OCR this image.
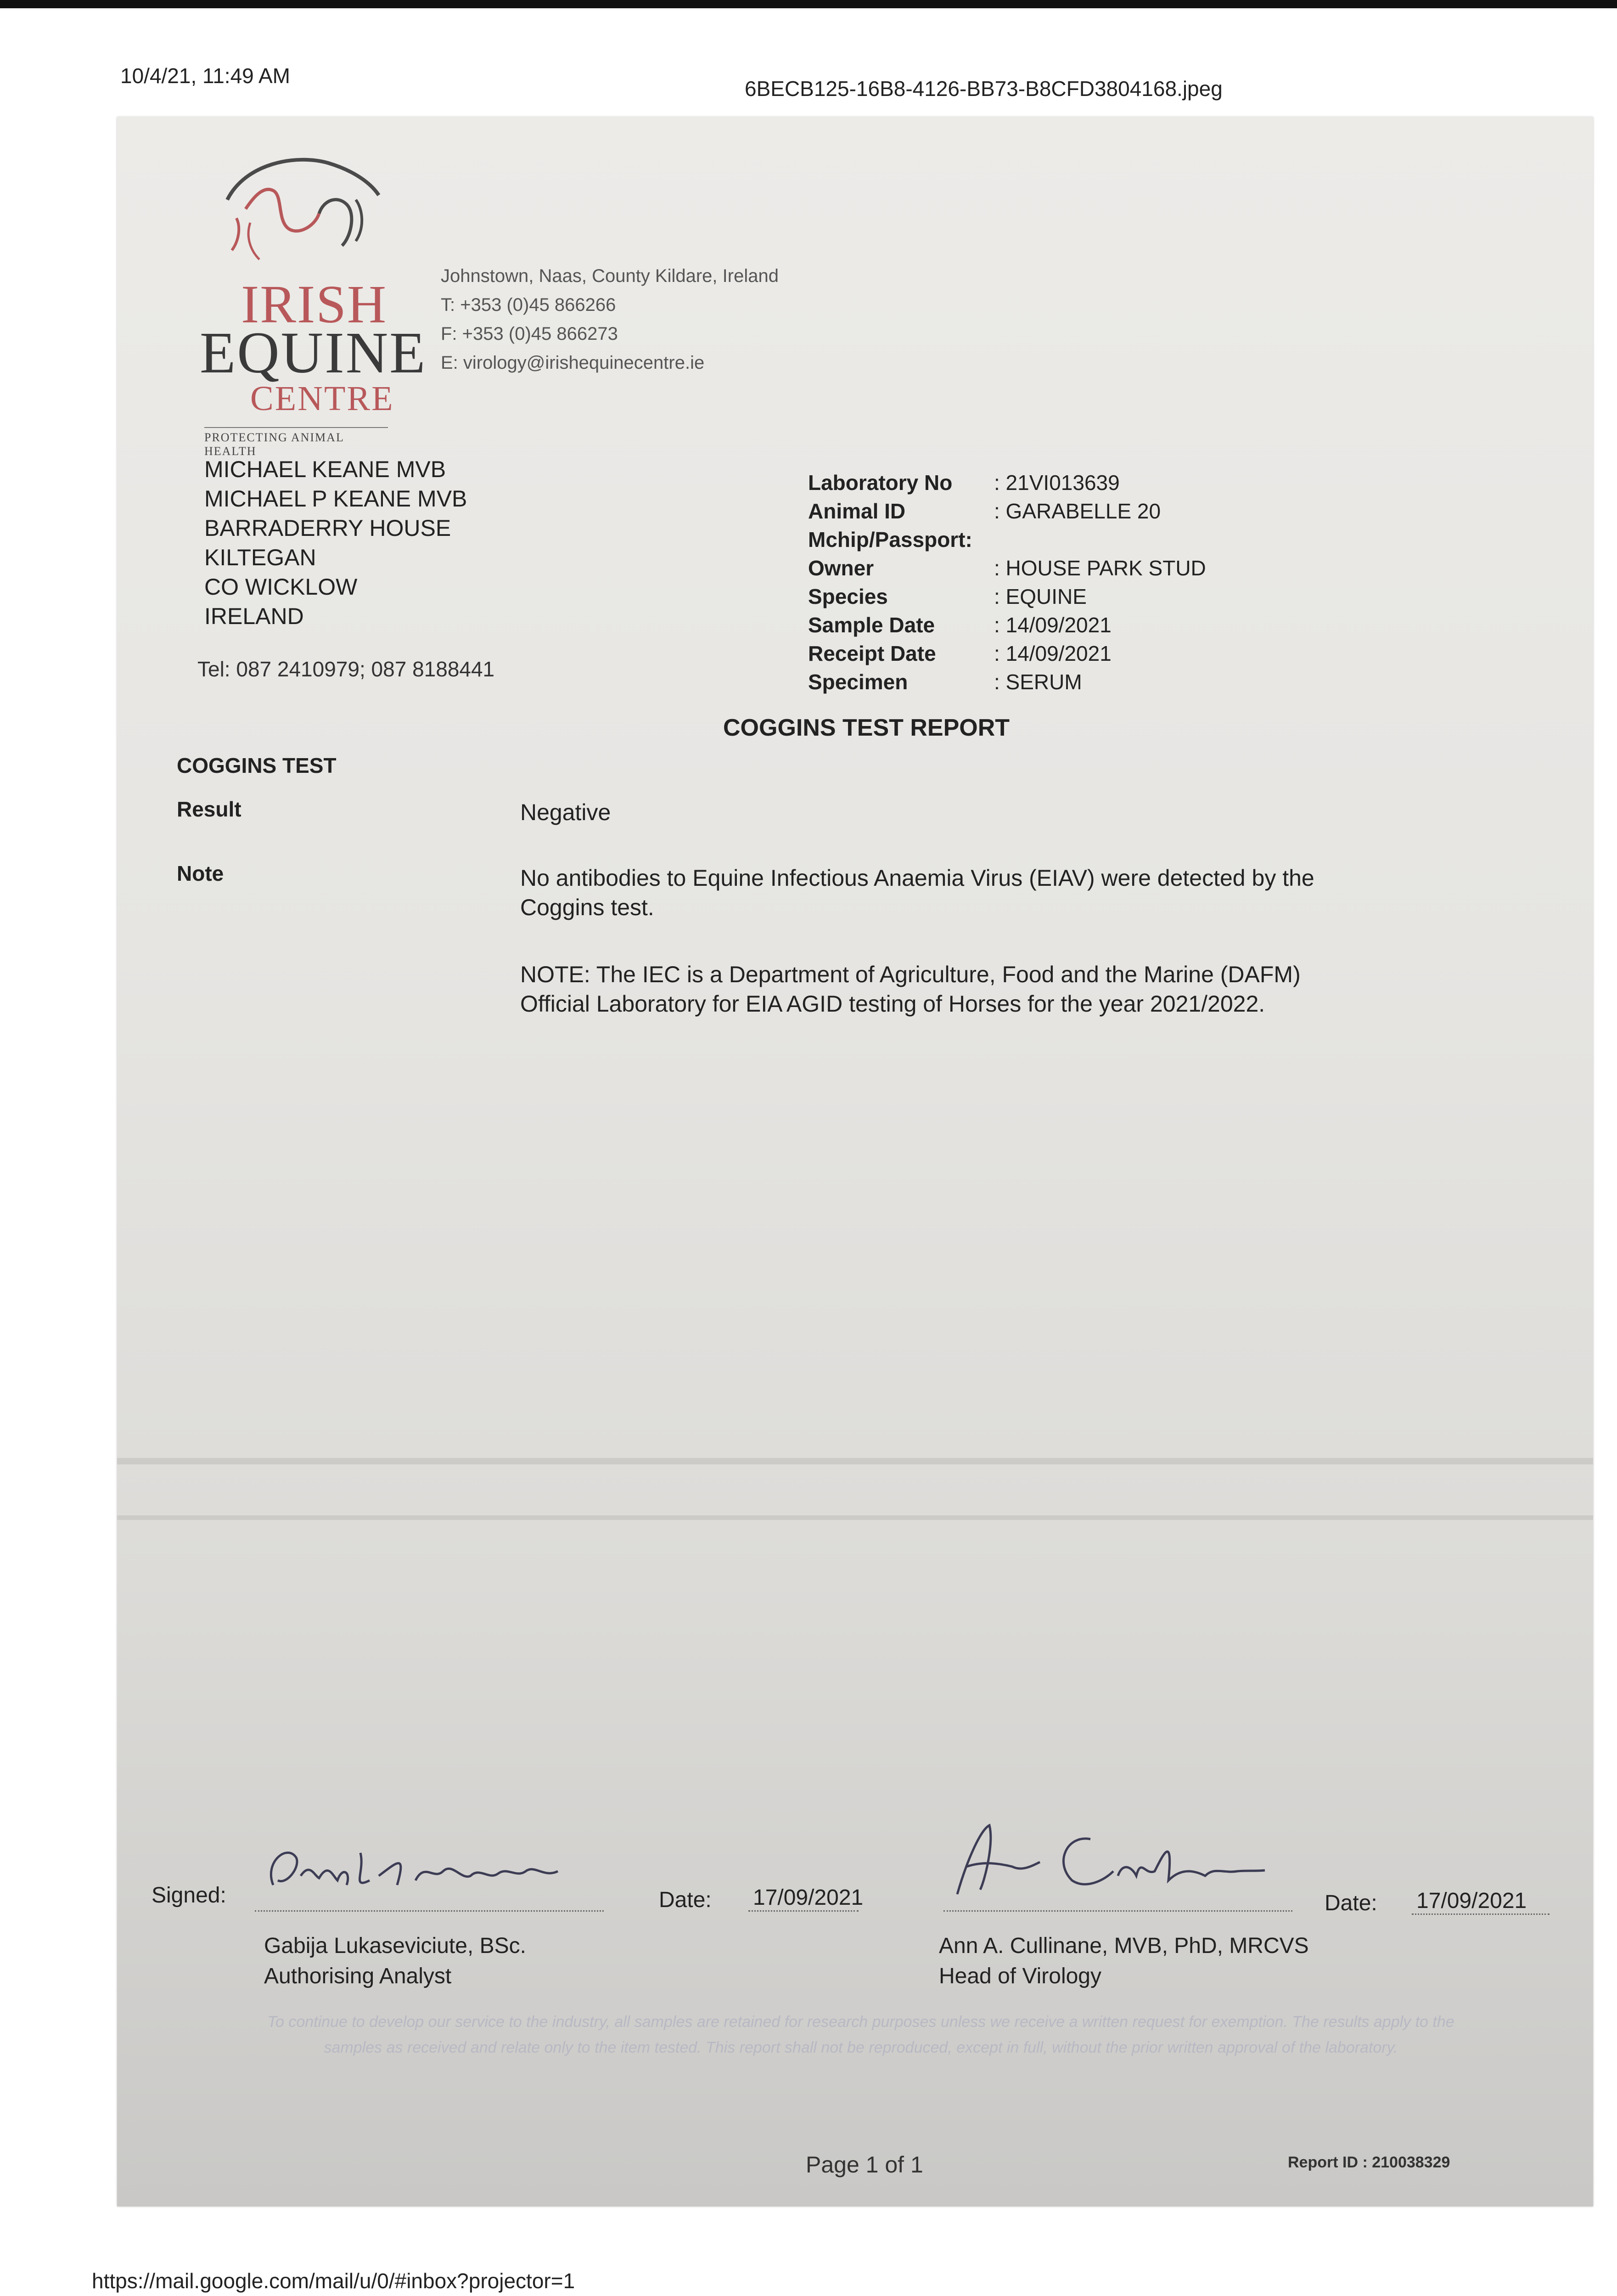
10/4/21, 11:49 AM
6BECB125-16B8-4126-BB73-B8CFD3804168.jpeg
IRISH
EQUINE
CENTRE
PROTECTING ANIMAL HEALTH
Johnstown, Naas, County Kildare, Ireland
T: +353 (0)45 866266
F: +353 (0)45 866273
E: virology@irishequinecentre.ie
MICHAEL KEANE MVB
MICHAEL P KEANE MVB
BARRADERRY HOUSE
KILTEGAN
CO WICKLOW
IRELAND
Tel: 087 2410979; 087 8188441
Laboratory No	: 21VI013639
Animal ID	: GARABELLE 20
Mchip/Passport:
Owner	: HOUSE PARK STUD
Species	: EQUINE
Sample Date	: 14/09/2021
Receipt Date	: 14/09/2021
Specimen	: SERUM
COGGINS TEST REPORT
COGGINS TEST
Result	Negative
Note	No antibodies to Equine Infectious Anaemia Virus (EIAV) were detected by the Coggins test.
NOTE: The IEC is a Department of Agriculture, Food and the Marine (DAFM) Official Laboratory for EIA AGID testing of Horses for the year 2021/2022.
Signed:	Date: 17/09/2021	Date: 17/09/2021
Gabija Lukaseviciute, BSc.
Authorising Analyst
Ann A. Cullinane, MVB, PhD, MRCVS
Head of Virology
To continue to develop our service to the industry, all samples are retained for research purposes unless we receive a written request for exemption. The results apply to the samples as received and relate only to the item tested. This report shall not be reproduced, except in full, without the prior written approval of the laboratory.
Page 1 of 1	Report ID : 210038329
https://mail.google.com/mail/u/0/#inbox?projector=1
